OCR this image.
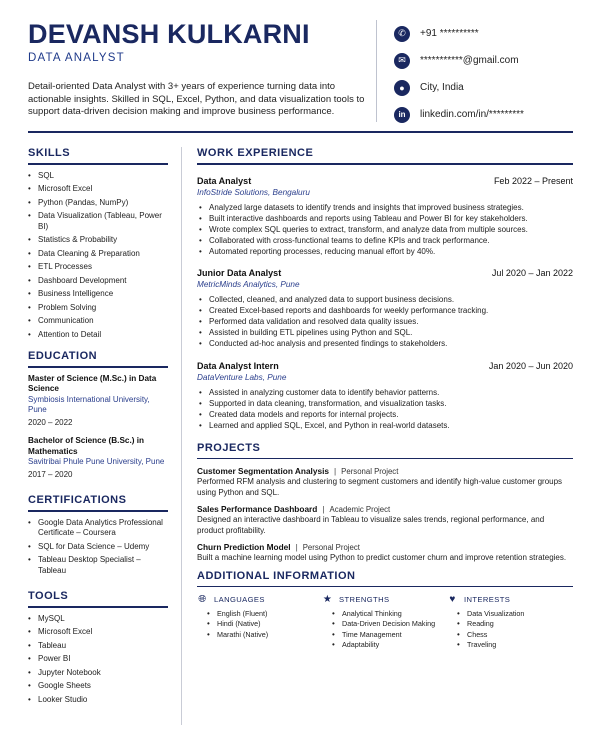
DEVANSH KULKARNI
DATA ANALYST
Detail-oriented Data Analyst with 3+ years of experience turning data into actionable insights. Skilled in SQL, Excel, Python, and data visualization tools to support data-driven decision making and improve business performance.
✆	+91 **********
✉	***********@gmail.com
●	City, India
in	linkedin.com/in/*********
SKILLS
• SQL
• Microsoft Excel
• Python (Pandas, NumPy)
• Data Visualization (Tableau, Power BI)
• Statistics & Probability
• Data Cleaning & Preparation
• ETL Processes
• Dashboard Development
• Business Intelligence
• Problem Solving
• Communication
• Attention to Detail
EDUCATION
Master of Science (M.Sc.) in Data Science
Symbiosis International University, Pune
2020 – 2022
Bachelor of Science (B.Sc.) in Mathematics
Savitribai Phule Pune University, Pune
2017 – 2020
CERTIFICATIONS
• Google Data Analytics Professional Certificate – Coursera
• SQL for Data Science – Udemy
• Tableau Desktop Specialist – Tableau
TOOLS
• MySQL
• Microsoft Excel
• Tableau
• Power BI
• Jupyter Notebook
• Google Sheets
• Looker Studio
WORK EXPERIENCE
Data Analyst	Feb 2022 – Present
InfoStride Solutions, Bengaluru
• Analyzed large datasets to identify trends and insights that improved business strategies.
• Built interactive dashboards and reports using Tableau and Power BI for key stakeholders.
• Wrote complex SQL queries to extract, transform, and analyze data from multiple sources.
• Collaborated with cross-functional teams to define KPIs and track performance.
• Automated reporting processes, reducing manual effort by 40%.
Junior Data Analyst	Jul 2020 – Jan 2022
MetricMinds Analytics, Pune
• Collected, cleaned, and analyzed data to support business decisions.
• Created Excel-based reports and dashboards for weekly performance tracking.
• Performed data validation and resolved data quality issues.
• Assisted in building ETL pipelines using Python and SQL.
• Conducted ad-hoc analysis and presented findings to stakeholders.
Data Analyst Intern	Jan 2020 – Jun 2020
DataVenture Labs, Pune
• Assisted in analyzing customer data to identify behavior patterns.
• Supported in data cleaning, transformation, and visualization tasks.
• Created data models and reports for internal projects.
• Learned and applied SQL, Excel, and Python in real-world datasets.
PROJECTS
Customer Segmentation Analysis | Personal Project
Performed RFM analysis and clustering to segment customers and identify high-value customer groups using Python and SQL.
Sales Performance Dashboard | Academic Project
Designed an interactive dashboard in Tableau to visualize sales trends, regional performance, and product profitability.
Churn Prediction Model | Personal Project
Built a machine learning model using Python to predict customer churn and improve retention strategies.
ADDITIONAL INFORMATION
🌐︎ LANGUAGES
• English (Fluent)
• Hindi (Native)
• Marathi (Native)
★ STRENGTHS
• Analytical Thinking
• Data-Driven Decision Making
• Time Management
• Adaptability
♥	INTERESTS
• Data Visualization
• Reading
• Chess
• Traveling
